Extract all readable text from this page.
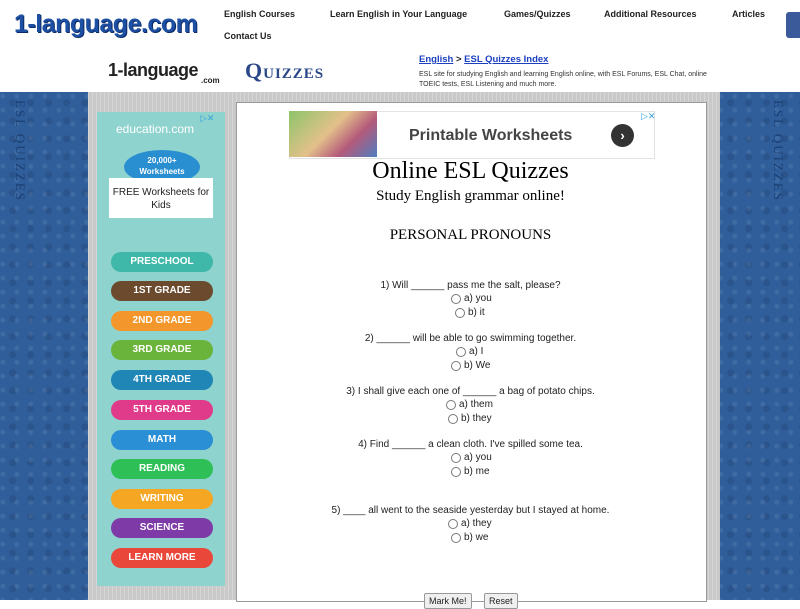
1-language.com	English Courses	Learn English in Your Language	Games/Quizzes	Additional Resources	Articles
Contact Us
1-language
.com Quizzes	English > ESL Quizzes Index
ESL site for studying English and learning English online, with ESL Forums, ESL Chat, online TOEIC tests, ESL Listening and much more.
ESL QUIZZES	ESL QUIZZES
▷✕
education.com
20,000+ Worksheets
FREE Worksheets for Kids
PRESCHOOL
1ST GRADE
2ND GRADE
3RD GRADE
4TH GRADE
5TH GRADE
MATH
READING
WRITING
SCIENCE
LEARN MORE
Printable Worksheets	›
▷✕
Online ESL Quizzes
Study English grammar online!
PERSONAL PRONOUNS
1) Will ______ pass me the salt, please?
a) you
b) it
2) ______ will be able to go swimming together.
a) I
b) We
3) I shall give each one of ______ a bag of potato chips.
a) them
b) they
4) Find ______ a clean cloth. I've spilled some tea.
a) you
b) me
5) ____ all went to the seaside yesterday but I stayed at home.
a) they
b) we
Mark Me!	Reset
